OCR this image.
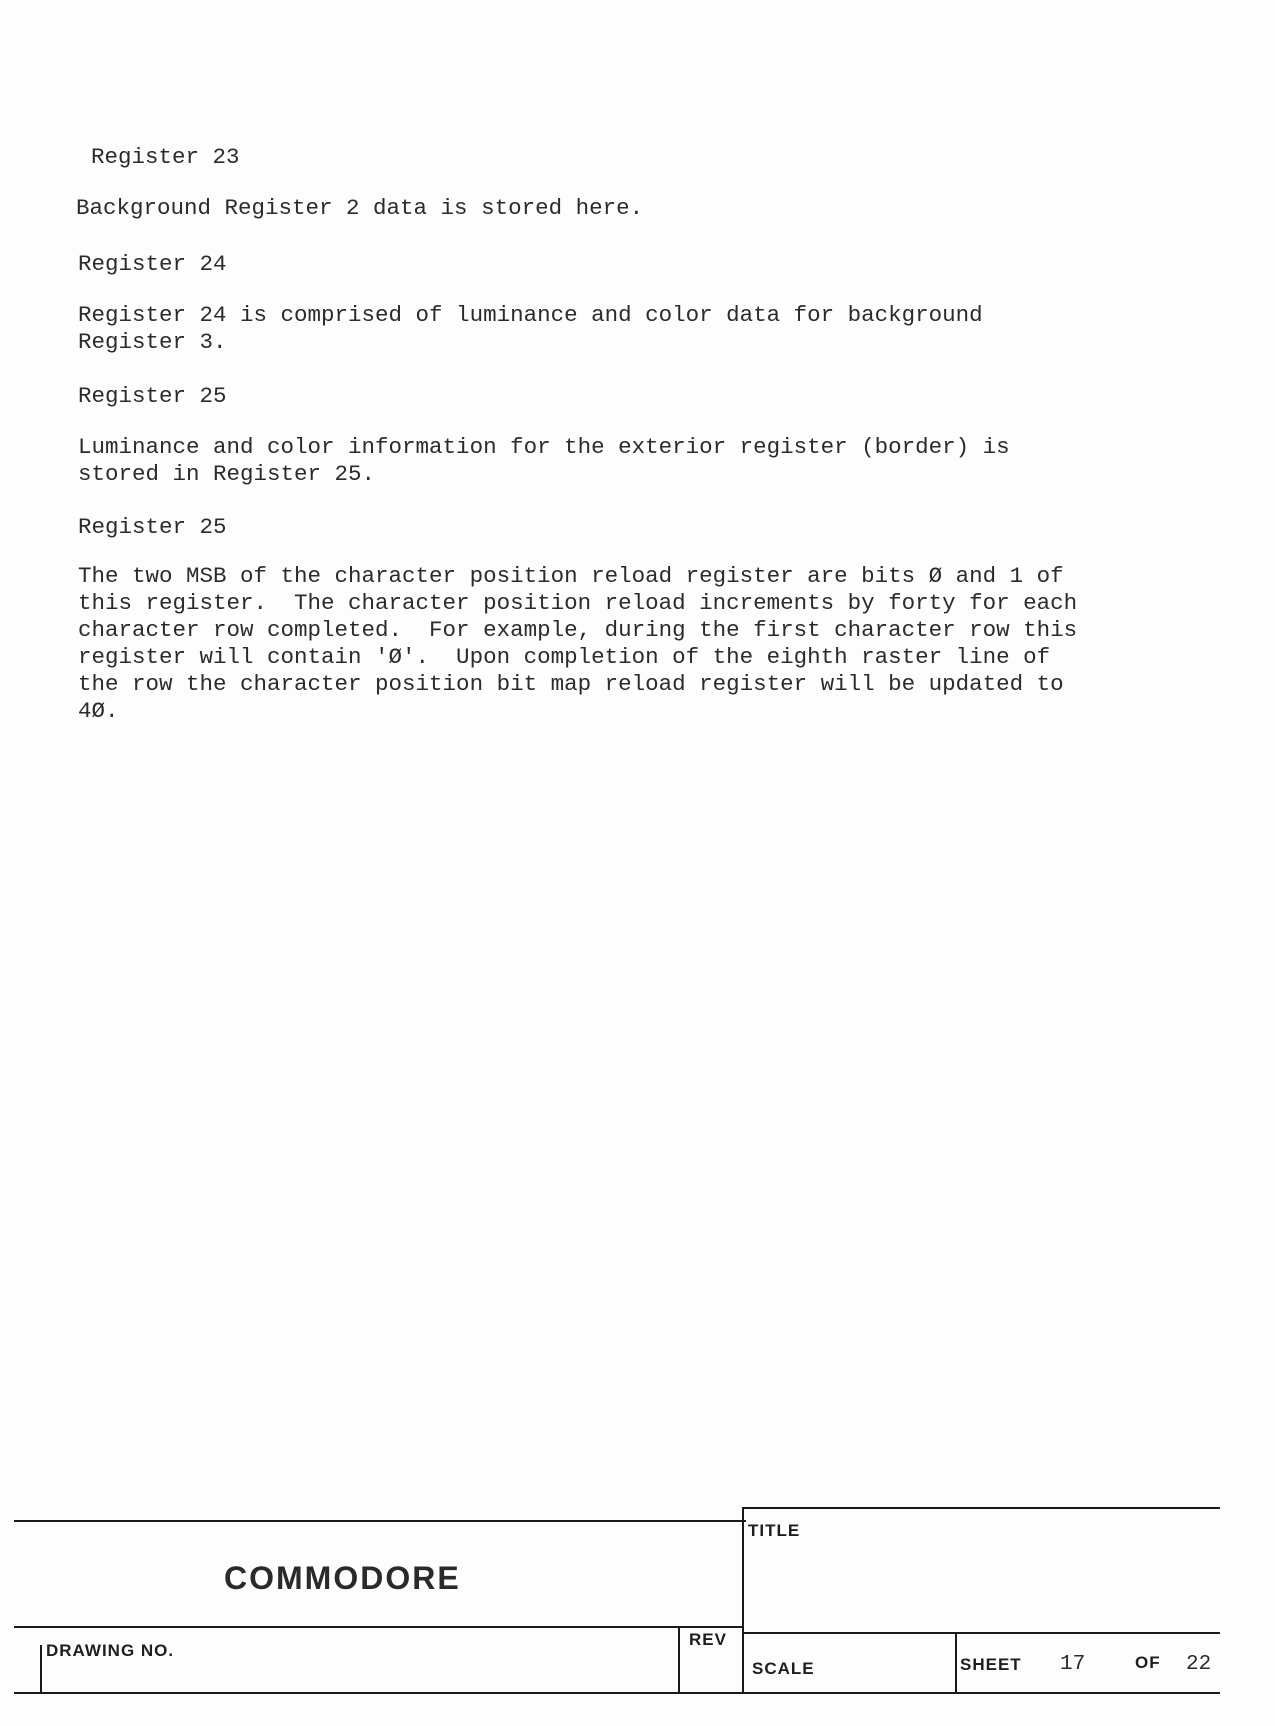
Register 23
Background Register 2 data is stored here.
Register 24
Register 24 is comprised of luminance and color data for background
Register 3.
Register 25
Luminance and color information for the exterior register (border) is
stored in Register 25.
Register 25
The two MSB of the character position reload register are bits Ø and 1 of
this register.  The character position reload increments by forty for each
character row completed.  For example, during the first character row this
register will contain 'Ø'.  Upon completion of the eighth raster line of
the row the character position bit map reload register will be updated to
4Ø.
TITLE
COMMODORE
DRAWING NO.
REV
SCALE	SHEET 17	OF 22
